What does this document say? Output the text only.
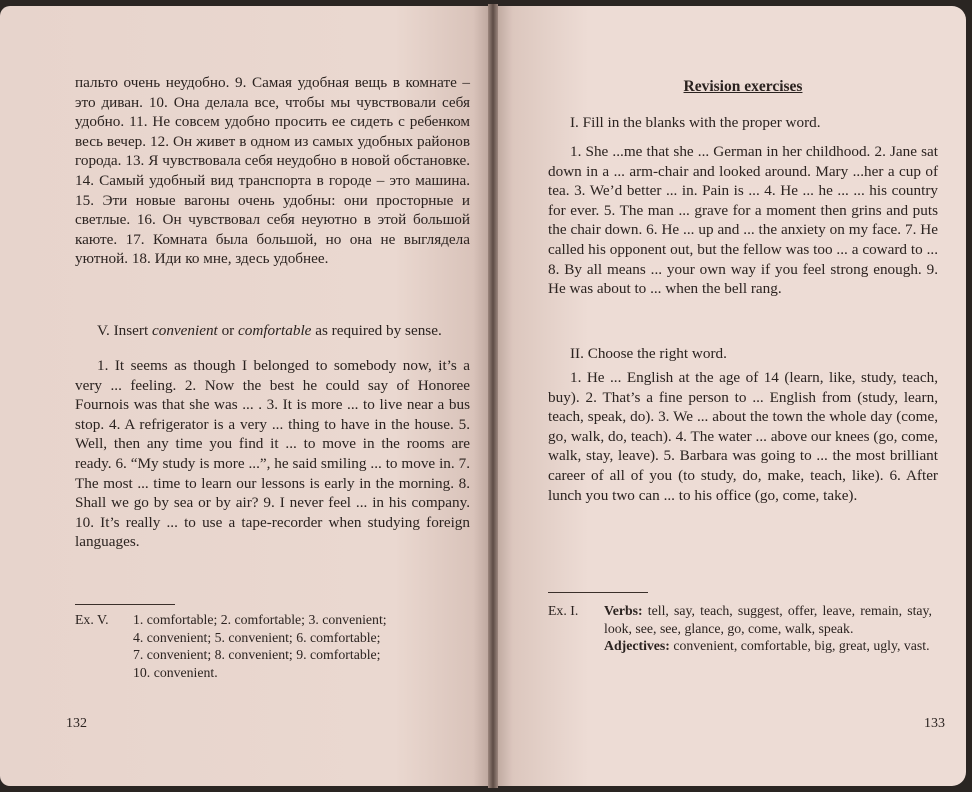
пальто очень неудобно. 9. Самая удобная вещь в комнате – это диван. 10. Она делала все, чтобы мы чувствовали себя удобно. 11. Не совсем удобно просить ее сидеть с ребенком весь вечер. 12. Он живет в одном из самых удобных районов города. 13. Я чувствовала себя неудобно в новой обстановке. 14. Самый удобный вид транспорта в городе – это машина. 15. Эти новые вагоны очень удобны: они просторные и светлые. 16. Он чувствовал себя неуютно в этой большой каюте. 17. Комната была большой, но она не выглядела уютной. 18. Иди ко мне, здесь удобнее.

V. Insert convenient or comfortable as required by sense.

1. It seems as though I belonged to somebody now, it’s a very ... feeling. 2. Now the best he could say of Honoree Fournois was that she was ... . 3. It is more ... to live near a bus stop. 4. A refrigerator is a very ... thing to have in the house. 5. Well, then any time you find it ... to move in the rooms are ready. 6. “My study is more ...”, he said smiling ... to move in. 7. The most ... time to learn our lessons is early in the morning. 8. Shall we go by sea or by air? 9. I never feel ... in his company. 10. It’s really ... to use a tape-recorder when studying foreign languages.

Ex. V.	1. comfortable; 2. comfortable; 3. convenient;
4. convenient; 5. convenient; 6. comfortable;
7. convenient; 8. convenient; 9. comfortable;
10. convenient.
132
Revision exercises

I. Fill in the blanks with the proper word.

1. She ...me that she ... German in her childhood. 2. Jane sat down in a ... arm-chair and looked around. Mary ...her a cup of tea. 3. We’d better ... in. Pain is ... 4. He ... he ... ... his country for ever. 5. The man ... grave for a moment then grins and puts the chair down. 6. He ... up and ... the anxiety on my face. 7. He called his opponent out, but the fellow was too ... a coward to ... 8. By all means ... your own way if you feel strong enough. 9. He was about to ... when the bell rang.

II. Choose the right word.

1. He ... English at the age of 14 (learn, like, study, teach, buy). 2. That’s a fine person to ... English from (study, learn, teach, speak, do). 3. We ... about the town the whole day (come, go, walk, do, teach). 4. The water ... above our knees (go, come, walk, stay, leave). 5. Barbara was going to ... the most brilliant career of all of you (to study, do, make, teach, like). 6. After lunch you two can ... to his office (go, come, take).

Ex. I.	Verbs: tell, say, teach, suggest, offer, leave, remain, stay, look, see, see, glance, go, come, walk, speak.
Adjectives: convenient, comfortable, big, great, ugly, vast.
133
